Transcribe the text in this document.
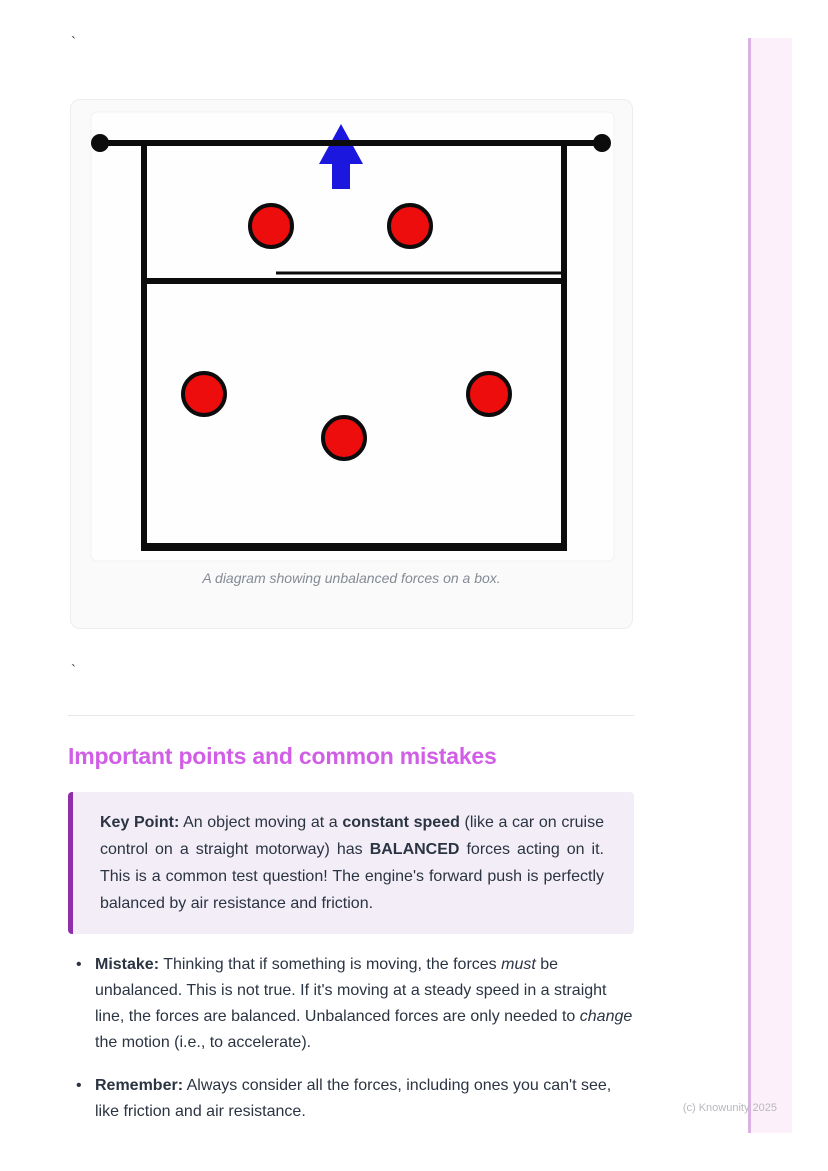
`
A diagram showing unbalanced forces on a box.
`
Important points and common mistakes
Key Point: An object moving at a constant speed (like a car on cruise control on a straight motorway) has BALANCED forces acting on it. This is a common test question! The engine's forward push is perfectly balanced by air resistance and friction.
• Mistake: Thinking that if something is moving, the forces must be unbalanced. This is not true. If it's moving at a steady speed in a straight line, the forces are balanced. Unbalanced forces are only needed to change the motion (i.e., to accelerate).
• Remember: Always consider all the forces, including ones you can't see, like friction and air resistance.	(c) Knowunity 2025
